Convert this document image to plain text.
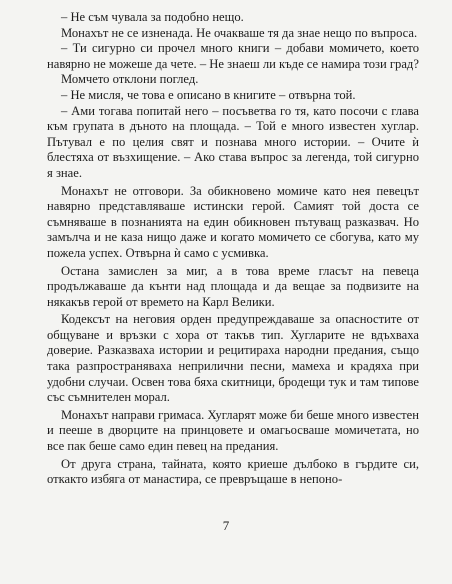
– Не съм чувала за подобно нещо.

Монахът не се изненада. Не очакваше тя да знае нещо по въпроса.

– Ти сигурно си прочел много книги – добави момичето, което навярно не можеше да чете. – Не знаеш ли къде се намира този град?

Момчето отклони поглед.

– Не мисля, че това е описано в книгите – отвърна той.

– Ами тогава попитай него – посъветва го тя, като посочи с глава към групата в дъното на площада. – Той е много известен хуглар. Пътувал е по целия свят и познава много истории. – Очите ѝ блестяха от възхищение. – Ако става въпрос за легенда, той сигурно я знае.

Монахът не отговори. За обикновено момиче като нея певецът навярно представляваше истински герой. Самият той доста се съмняваше в познанията на един обикновен пътуващ разказвач. Но замълча и не каза нищо даже и когато момичето се сбогува, като му пожела успех. Отвърна ѝ само с усмивка.

Остана замислен за миг, а в това време гласът на певеца продължаваше да кънти над площада и да вещае за подвизите на някакъв герой от времето на Карл Велики.

Кодексът на неговия орден предупреждаваше за опасностите от общуване и връзки с хора от такъв тип. Хугларите не вдъхваха доверие. Разказваха истории и рецитираха народни предания, също така разпространяваха неприлични песни, мамеха и крадяха при удобни случаи. Освен това бяха скитници, бродещи тук и там типове със съмнителен морал.

Монахът направи гримаса. Хугларят може би беше много известен и пееше в дворците на принцовете и омагьосваше момичетата, но все пак беше само един певец на предания.

От друга страна, тайната, която криеше дълбоко в гърдите си, откакто избяга от манастира, се превръщаше в непоно-

7
